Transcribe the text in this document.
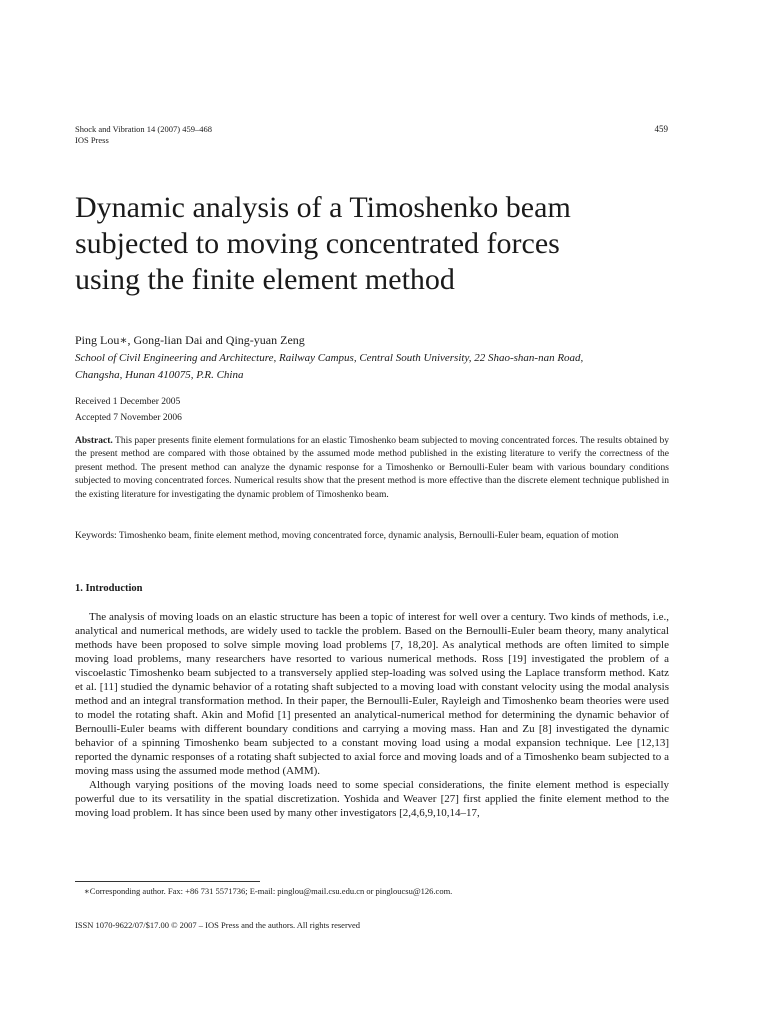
Shock and Vibration 14 (2007) 459–468
IOS Press
459
Dynamic analysis of a Timoshenko beam
subjected to moving concentrated forces
using the finite element method
Ping Lou∗, Gong-lian Dai and Qing-yuan Zeng
School of Civil Engineering and Architecture, Railway Campus, Central South University, 22 Shao-shan-nan Road,
Changsha, Hunan 410075, P.R. China
Received 1 December 2005
Accepted 7 November 2006
Abstract. This paper presents finite element formulations for an elastic Timoshenko beam subjected to moving concentrated forces. The results obtained by the present method are compared with those obtained by the assumed mode method published in the existing literature to verify the correctness of the present method. The present method can analyze the dynamic response for a Timoshenko or Bernoulli-Euler beam with various boundary conditions subjected to moving concentrated forces. Numerical results show that the present method is more effective than the discrete element technique published in the existing literature for investigating the dynamic problem of Timoshenko beam.
Keywords: Timoshenko beam, finite element method, moving concentrated force, dynamic analysis, Bernoulli-Euler beam, equation of motion
1. Introduction

The analysis of moving loads on an elastic structure has been a topic of interest for well over a century. Two kinds of methods, i.e., analytical and numerical methods, are widely used to tackle the problem. Based on the Bernoulli-Euler beam theory, many analytical methods have been proposed to solve simple moving load problems [7, 18,20]. As analytical methods are often limited to simple moving load problems, many researchers have resorted to various numerical methods. Ross [19] investigated the problem of a viscoelastic Timoshenko beam subjected to a transversely applied step-loading was solved using the Laplace transform method. Katz et al. [11] studied the dynamic behavior of a rotating shaft subjected to a moving load with constant velocity using the modal analysis method and an integral transformation method. In their paper, the Bernoulli-Euler, Rayleigh and Timoshenko beam theories were used to model the rotating shaft. Akin and Mofid [1] presented an analytical-numerical method for determining the dynamic behavior of Bernoulli-Euler beams with different boundary conditions and carrying a moving mass. Han and Zu [8] investigated the dynamic behavior of a spinning Timoshenko beam subjected to a constant moving load using a modal expansion technique. Lee [12,13] reported the dynamic responses of a rotating shaft subjected to axial force and moving loads and of a Timoshenko beam subjected to a moving mass using the assumed mode method (AMM).

Although varying positions of the moving loads need to some special considerations, the finite element method is especially powerful due to its versatility in the spatial discretization. Yoshida and Weaver [27] first applied the finite element method to the moving load problem. It has since been used by many other investigators [2,4,6,9,10,14–17,

∗Corresponding author. Fax: +86 731 5571736; E-mail: pinglou@mail.csu.edu.cn or pingloucsu@126.com.
ISSN 1070-9622/07/$17.00 © 2007 – IOS Press and the authors. All rights reserved
